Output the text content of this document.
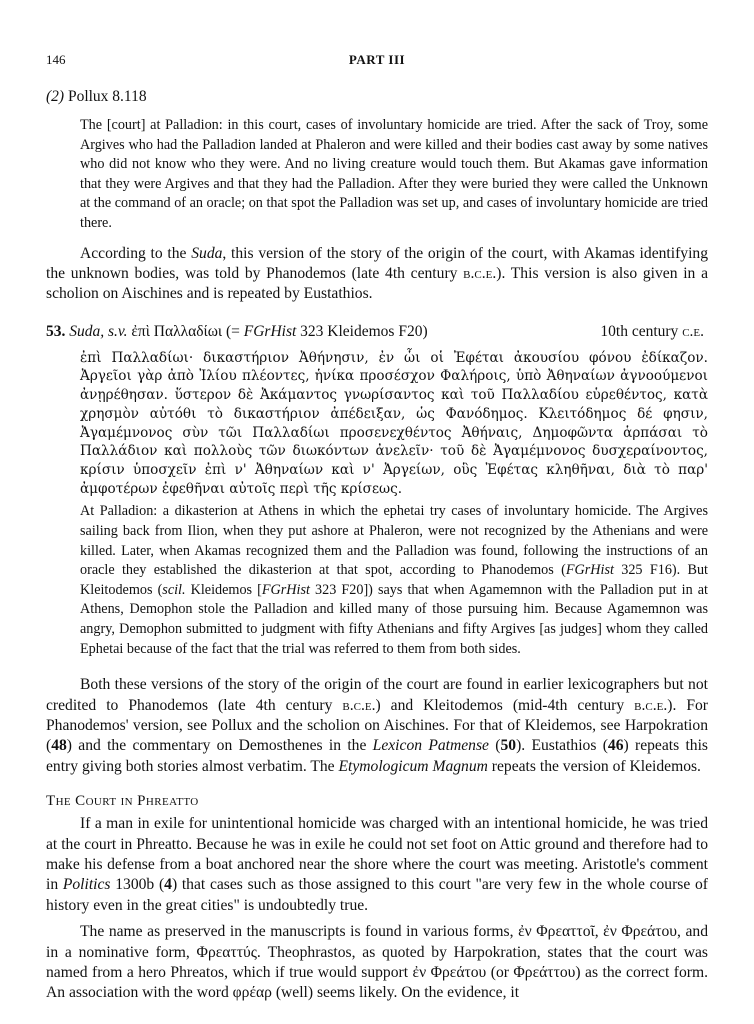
146	PART III
(2) Pollux 8.118
The [court] at Palladion: in this court, cases of involuntary homicide are tried. After the sack of Troy, some Argives who had the Palladion landed at Phaleron and were killed and their bodies cast away by some natives who did not know who they were. And no living creature would touch them. But Akamas gave information that they were Argives and that they had the Palladion. After they were buried they were called the Unknown at the command of an oracle; on that spot the Palladion was set up, and cases of involuntary homicide are tried there.

According to the Suda, this version of the story of the origin of the court, with Akamas identifying the unknown bodies, was told by Phanodemos (late 4th century b.c.e.). This version is also given in a scholion on Aischines and is repeated by Eustathios.

53. Suda, s.v. ἐπὶ Παλλαδίωι (= FGrHist 323 Kleidemos F20)	10th century c.e.
ἐπὶ Παλλαδίωι· δικαστήριον Ἀθήνησιν, ἐν ὧι οἱ Ἐφέται ἀκουσίου φόνου ἐδίκαζον. Ἀργεῖοι γὰρ ἀπὸ Ἰλίου πλέοντες, ἡνίκα προσέσχον Φαλήροις, ὑπὸ Ἀθηναίων ἀγνοούμενοι ἀνῃρέθησαν. ὕστερον δὲ Ἀκάμαντος γνωρίσαντος καὶ τοῦ Παλλαδίου εὑρεθέντος, κατὰ χρησμὸν αὐτόθι τὸ δικαστήριον ἀπέδειξαν, ὡς Φανόδημος. Κλειτόδημος δέ φησιν, Ἀγαμέμνονος σὺν τῶι Παλλαδίωι προσενεχθέντος Ἀθήναις, Δημοφῶντα ἁρπάσαι τὸ Παλλάδιον καὶ πολλοὺς τῶν διωκόντων ἀνελεῖν· τοῦ δὲ Ἀγαμέμνονος δυσχεραίνοντος, κρίσιν ὑποσχεῖν ἐπὶ ν' Ἀθηναίων καὶ ν' Ἀργείων, οὓς Ἐφέτας κληθῆναι, διὰ τὸ παρ' ἀμφοτέρων ἐφεθῆναι αὐτοῖς περὶ τῆς κρίσεως.
At Palladion: a dikasterion at Athens in which the ephetai try cases of involuntary homicide. The Argives sailing back from Ilion, when they put ashore at Phaleron, were not recognized by the Athenians and were killed. Later, when Akamas recognized them and the Palladion was found, following the instructions of an oracle they established the dikasterion at that spot, according to Phanodemos (FGrHist 325 F16). But Kleitodemos (scil. Kleidemos [FGrHist 323 F20]) says that when Agamemnon with the Palladion put in at Athens, Demophon stole the Palladion and killed many of those pursuing him. Because Agamemnon was angry, Demophon submitted to judgment with fifty Athenians and fifty Argives [as judges] whom they called Ephetai because of the fact that the trial was referred to them from both sides.

Both these versions of the story of the origin of the court are found in earlier lexicographers but not credited to Phanodemos (late 4th century b.c.e.) and Kleitodemos (mid-4th century b.c.e.). For Phanodemos' version, see Pollux and the scholion on Aischines. For that of Kleidemos, see Harpokration (48) and the commentary on Demosthenes in the Lexicon Patmense (50). Eustathios (46) repeats this entry giving both stories almost verbatim. The Etymologicum Magnum repeats the version of Kleidemos.

The Court in Phreatto

If a man in exile for unintentional homicide was charged with an intentional homicide, he was tried at the court in Phreatto. Because he was in exile he could not set foot on Attic ground and therefore had to make his defense from a boat anchored near the shore where the court was meeting. Aristotle's comment in Politics 1300b (4) that cases such as those assigned to this court "are very few in the whole course of history even in the great cities" is undoubtedly true.

The name as preserved in the manuscripts is found in various forms, ἐν Φρεαττοῖ, ἐν Φρεάτου, and in a nominative form, Φρεαττύς. Theophrastos, as quoted by Harpokration, states that the court was named from a hero Phreatos, which if true would support ἐν Φρεάτου (or Φρεάττου) as the correct form. An association with the word φρέαρ (well) seems likely. On the evidence, it
